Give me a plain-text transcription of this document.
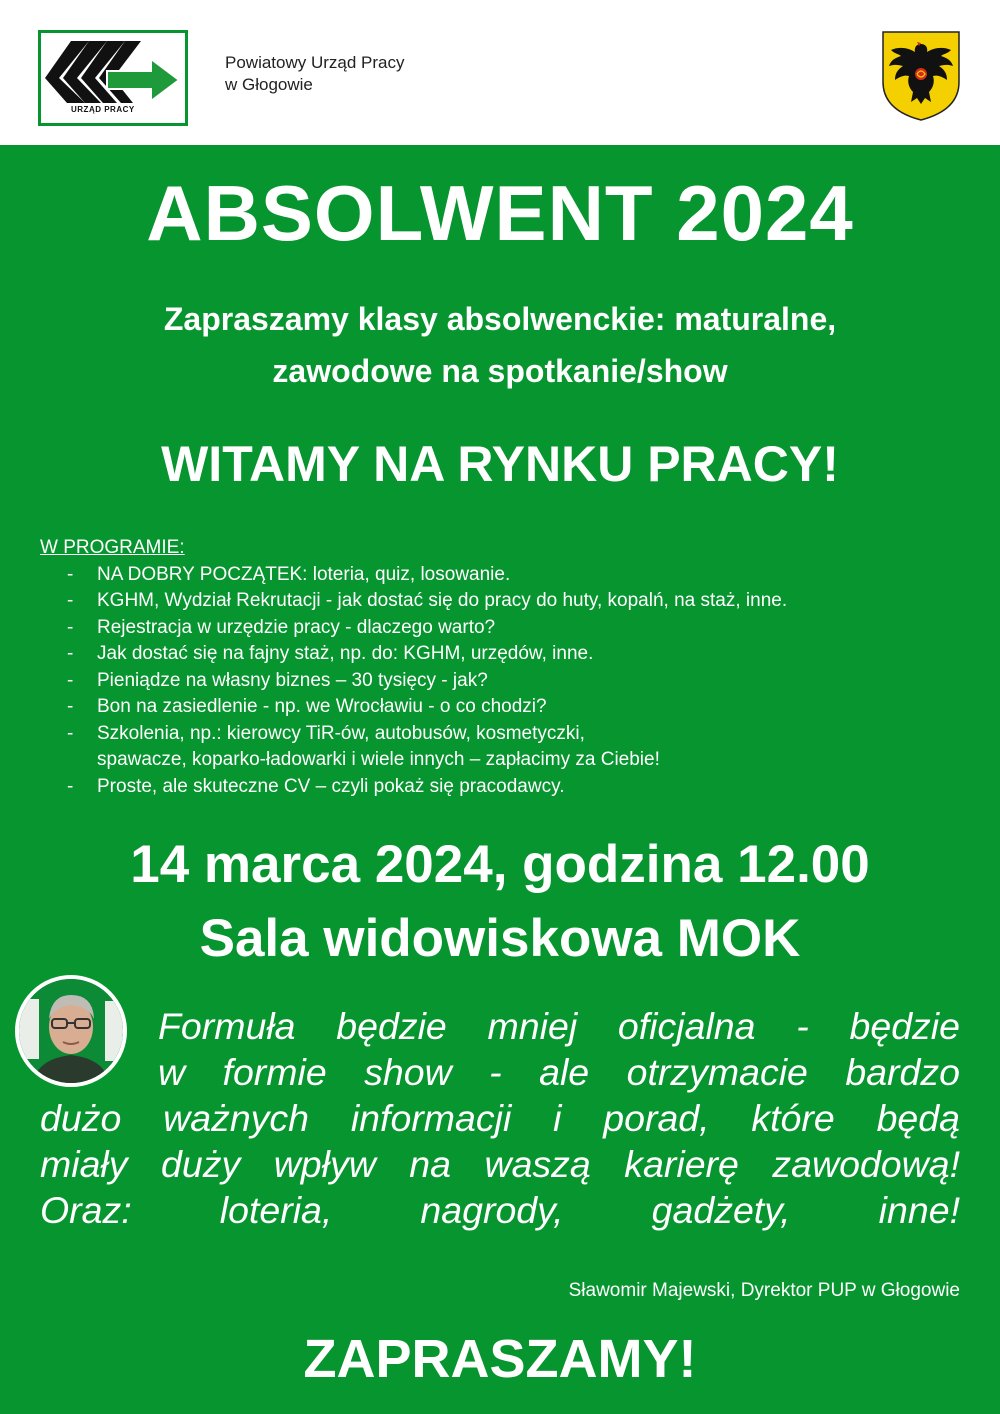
URZĄD PRACY
Powiatowy Urząd Pracy
w Głogowie
ABSOLWENT 2024
Zapraszamy klasy absolwenckie: maturalne,
zawodowe na spotkanie/show
WITAMY NA RYNKU PRACY!
W PROGRAMIE:
- NA DOBRY POCZĄTEK: loteria, quiz, losowanie.
- KGHM, Wydział Rekrutacji - jak dostać się do pracy do huty, kopalń, na staż, inne.
- Rejestracja w urzędzie pracy - dlaczego warto?
- Jak dostać się na fajny staż, np. do: KGHM, urzędów, inne.
- Pieniądze na własny biznes – 30 tysięcy - jak?
- Bon na zasiedlenie - np. we Wrocławiu - o co chodzi?
- Szkolenia, np.: kierowcy TiR-ów, autobusów, kosmetyczki,
spawacze, koparko-ładowarki i wiele innych – zapłacimy za Ciebie!
- Proste, ale skuteczne CV – czyli pokaż się pracodawcy.
14 marca 2024, godzina 12.00
Sala widowiskowa MOK
Formuła będzie mniej oficjalna - będzie
w formie show - ale otrzymacie bardzo
dużo ważnych informacji i porad, które będą
miały duży wpływ na waszą karierę zawodową!
Oraz: loteria, nagrody, gadżety, inne!
Sławomir Majewski, Dyrektor PUP w Głogowie
ZAPRASZAMY!
